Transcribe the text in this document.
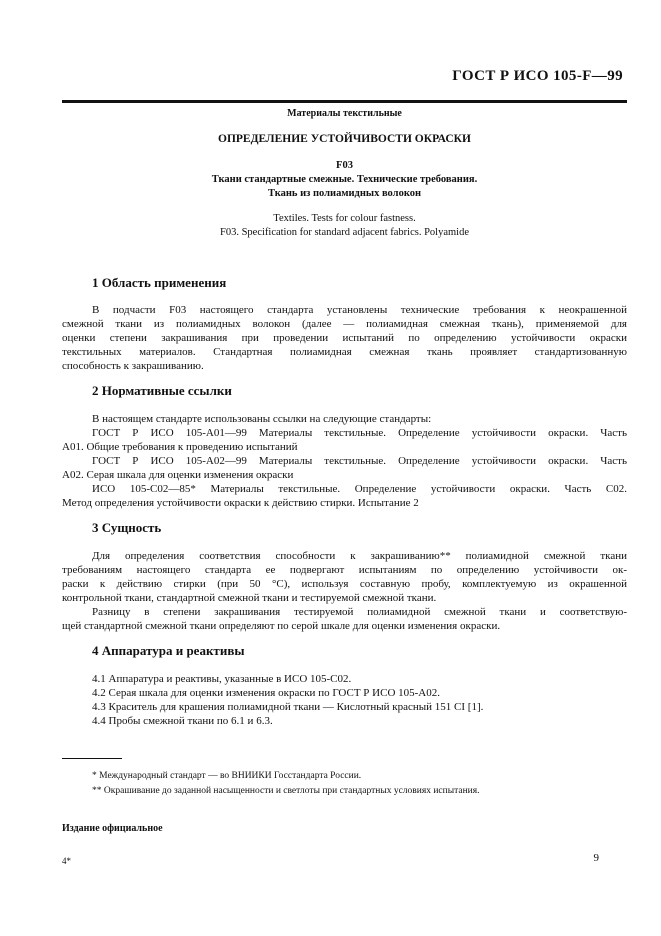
ГОСТ Р ИСО 105-F—99
Материалы текстильные
ОПРЕДЕЛЕНИЕ УСТОЙЧИВОСТИ ОКРАСКИ
F03
Ткани стандартные смежные. Технические требования.
Ткань из полиамидных волокон
Textiles. Tests for colour fastness.
F03. Specification for standard adjacent fabrics. Polyamide
1 Область применения
В подчасти F03 настоящего стандарта установлены технические требования к неокрашенной
смежной ткани из полиамидных волокон (далее — полиамидная смежная ткань), применяемой для
оценки степени закрашивания при проведении испытаний по определению устойчивости окраски
текстильных материалов. Стандартная полиамидная смежная ткань проявляет стандартизованную
способность к закрашиванию.
2 Нормативные ссылки
В настоящем стандарте использованы ссылки на следующие стандарты:
ГОСТ Р ИСО 105-А01—99 Материалы текстильные. Определение устойчивости окраски. Часть
А01. Общие требования к проведению испытаний
ГОСТ Р ИСО 105-А02—99 Материалы текстильные. Определение устойчивости окраски. Часть
А02. Серая шкала для оценки изменения окраски
ИСО 105-С02—85* Материалы текстильные. Определение устойчивости окраски. Часть С02.
Метод определения устойчивости окраски к действию стирки. Испытание 2
3 Сущность
Для определения соответствия способности к закрашиванию** полиамидной смежной ткани
требованиям настоящего стандарта ее подвергают испытаниям по определению устойчивости ок-
раски к действию стирки (при 50 °С), используя составную пробу, комплектуемую из окрашенной
контрольной ткани, стандартной смежной ткани и тестируемой смежной ткани.
Разницу в степени закрашивания тестируемой полиамидной смежной ткани и соответствую-
щей стандартной смежной ткани определяют по серой шкале для оценки изменения окраски.
4 Аппаратура и реактивы
4.1 Аппаратура и реактивы, указанные в ИСО 105-С02.
4.2 Серая шкала для оценки изменения окраски по ГОСТ Р ИСО 105-А02.
4.3 Краситель для крашения полиамидной ткани — Кислотный красный 151 CI [1].
4.4 Пробы смежной ткани по 6.1 и 6.3.
* Международный стандарт — во ВНИИКИ Госстандарта России.
** Окрашивание до заданной насыщенности и светлоты при стандартных условиях испытания.
Издание официальное
4*	9
